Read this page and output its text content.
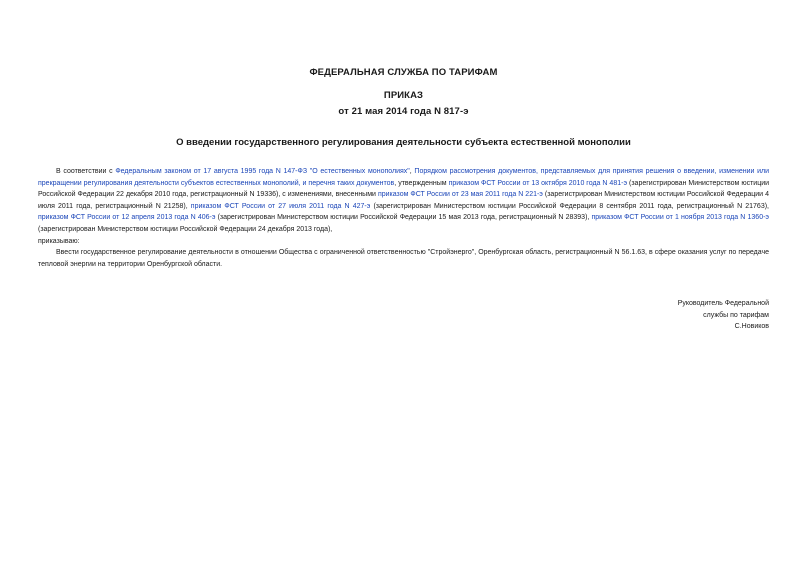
ФЕДЕРАЛЬНАЯ СЛУЖБА ПО ТАРИФАМ
ПРИКАЗ
от 21 мая 2014 года N 817-э
О введении государственного регулирования деятельности субъекта естественной монополии

В соответствии с Федеральным законом от 17 августа 1995 года N 147-ФЗ "О естественных монополиях", Порядком рассмотрения документов, представляемых для принятия решения о введении, изменении или прекращении регулирования деятельности субъектов естественных монополий, и перечня таких документов, утвержденным приказом ФСТ России от 13 октября 2010 года N 481-э (зарегистрирован Министерством юстиции Российской Федерации 22 декабря 2010 года, регистрационный N 19336), с изменениями, внесенными приказом ФСТ России от 23 мая 2011 года N 221-э (зарегистрирован Министерством юстиции Российской Федерации 4 июля 2011 года, регистрационный N 21258), приказом ФСТ России от 27 июля 2011 года N 427-э (зарегистрирован Министерством юстиции Российской Федерации 8 сентября 2011 года, регистрационный N 21763), приказом ФСТ России от 12 апреля 2013 года N 406-э (зарегистрирован Министерством юстиции Российской Федерации 15 мая 2013 года, регистрационный N 28393), приказом ФСТ России от 1 ноября 2013 года N 1360-э (зарегистрирован Министерством юстиции Российской Федерации 24 декабря 2013 года),

приказываю:

Ввести государственное регулирование деятельности в отношении Общества с ограниченной ответственностью "Стройэнерго", Оренбургская область, регистрационный N 56.1.63, в сфере оказания услуг по передаче тепловой энергии на территории Оренбургской области.

Руководитель Федеральной
службы по тарифам
С.Новиков
